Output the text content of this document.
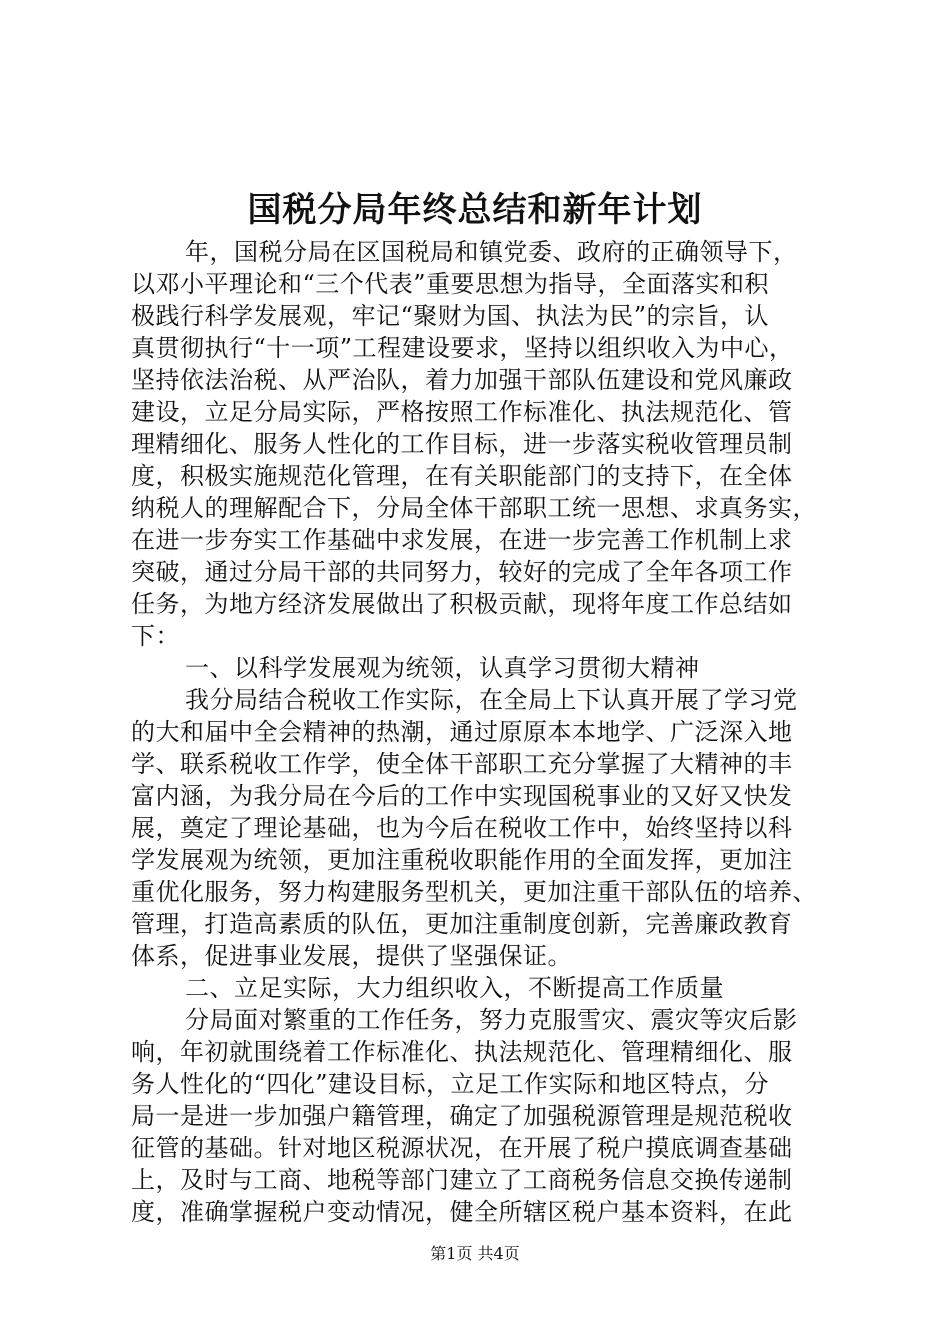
国税分局年终总结和新年计划
年，国税分局在区国税局和镇党委、政府的正确领导下，
以邓小平理论和“三个代表”重要思想为指导，全面落实和积
极践行科学发展观，牢记“聚财为国、执法为民”的宗旨，认
真贯彻执行“十一项”工程建设要求，坚持以组织收入为中心，
坚持依法治税、从严治队，着力加强干部队伍建设和党风廉政
建设，立足分局实际，严格按照工作标准化、执法规范化、管
理精细化、服务人性化的工作目标，进一步落实税收管理员制
度，积极实施规范化管理，在有关职能部门的支持下，在全体
纳税人的理解配合下，分局全体干部职工统一思想、求真务实，
在进一步夯实工作基础中求发展，在进一步完善工作机制上求
突破，通过分局干部的共同努力，较好的完成了全年各项工作
任务，为地方经济发展做出了积极贡献，现将年度工作总结如
下：
一、以科学发展观为统领，认真学习贯彻大精神
我分局结合税收工作实际，在全局上下认真开展了学习党
的大和届中全会精神的热潮，通过原原本本地学、广泛深入地
学、联系税收工作学，使全体干部职工充分掌握了大精神的丰
富内涵，为我分局在今后的工作中实现国税事业的又好又快发
展，奠定了理论基础，也为今后在税收工作中，始终坚持以科
学发展观为统领，更加注重税收职能作用的全面发挥，更加注
重优化服务，努力构建服务型机关，更加注重干部队伍的培养、
管理，打造高素质的队伍，更加注重制度创新，完善廉政教育
体系，促进事业发展，提供了坚强保证。
二、立足实际，大力组织收入，不断提高工作质量
分局面对繁重的工作任务，努力克服雪灾、震灾等灾后影
响，年初就围绕着工作标准化、执法规范化、管理精细化、服
务人性化的“四化”建设目标，立足工作实际和地区特点，分
局一是进一步加强户籍管理，确定了加强税源管理是规范税收
征管的基础。针对地区税源状况，在开展了税户摸底调查基础
上，及时与工商、地税等部门建立了工商税务信息交换传递制
度，准确掌握税户变动情况，健全所辖区税户基本资料，在此
第1页 共4页
